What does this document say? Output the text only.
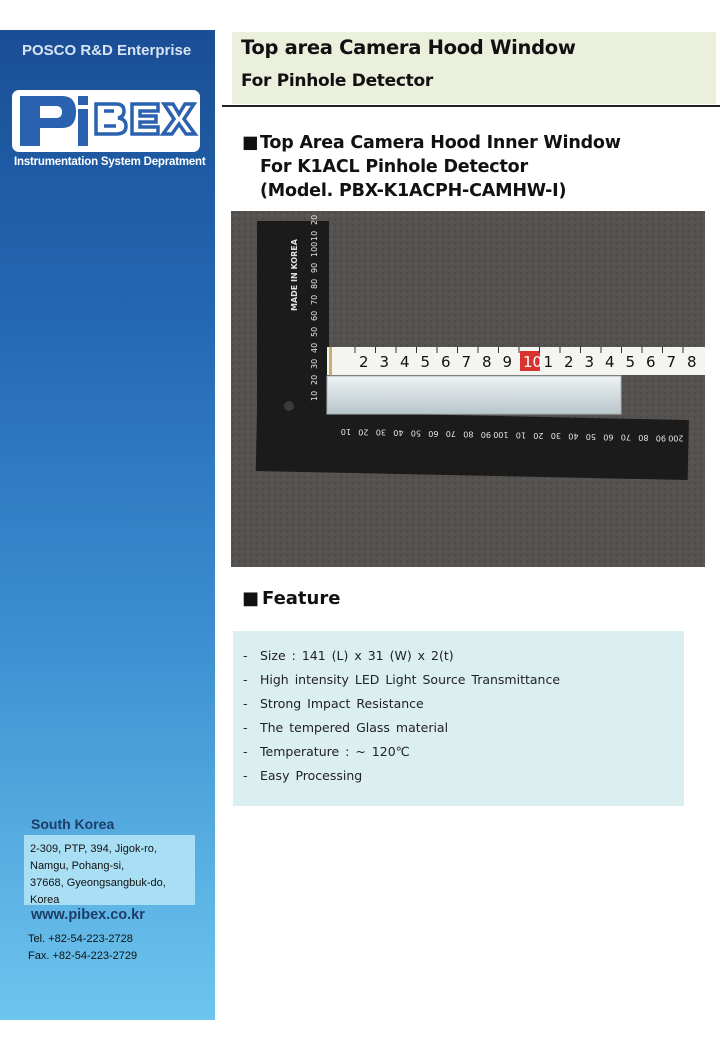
POSCO R&D Enterprise
Instrumentation System Depratment
South Korea
2-309, PTP, 394, Jigok-ro,
Namgu, Pohang-si,
37668, Gyeongsangbuk-do,
Korea
www.pibex.co.kr
Tel. +82-54-223-2728
Fax. +82-54-223-2729
Top area Camera Hood Window
For Pinhole Detector
■Top Area Camera Hood Inner Window
For K1ACL Pinhole Detector
(Model. PBX-K1ACPH-CAMHW-I)
2 3 4 5 6 7 8 9 10 1 2 3 4 5 6 7 8
10
20
30
40
50
60
70
80
90
100
10
20
10 20 30 40 50 60 70 80 90 100 10 20 30 40 50 60 70 80 90 200
MADE IN KOREA
■ Feature
- Size : 141 (L) x 31 (W) x 2(t)
- High intensity LED Light Source Transmittance
- Strong Impact Resistance
- The tempered Glass material
- Temperature : ~ 120℃
- Easy Processing
